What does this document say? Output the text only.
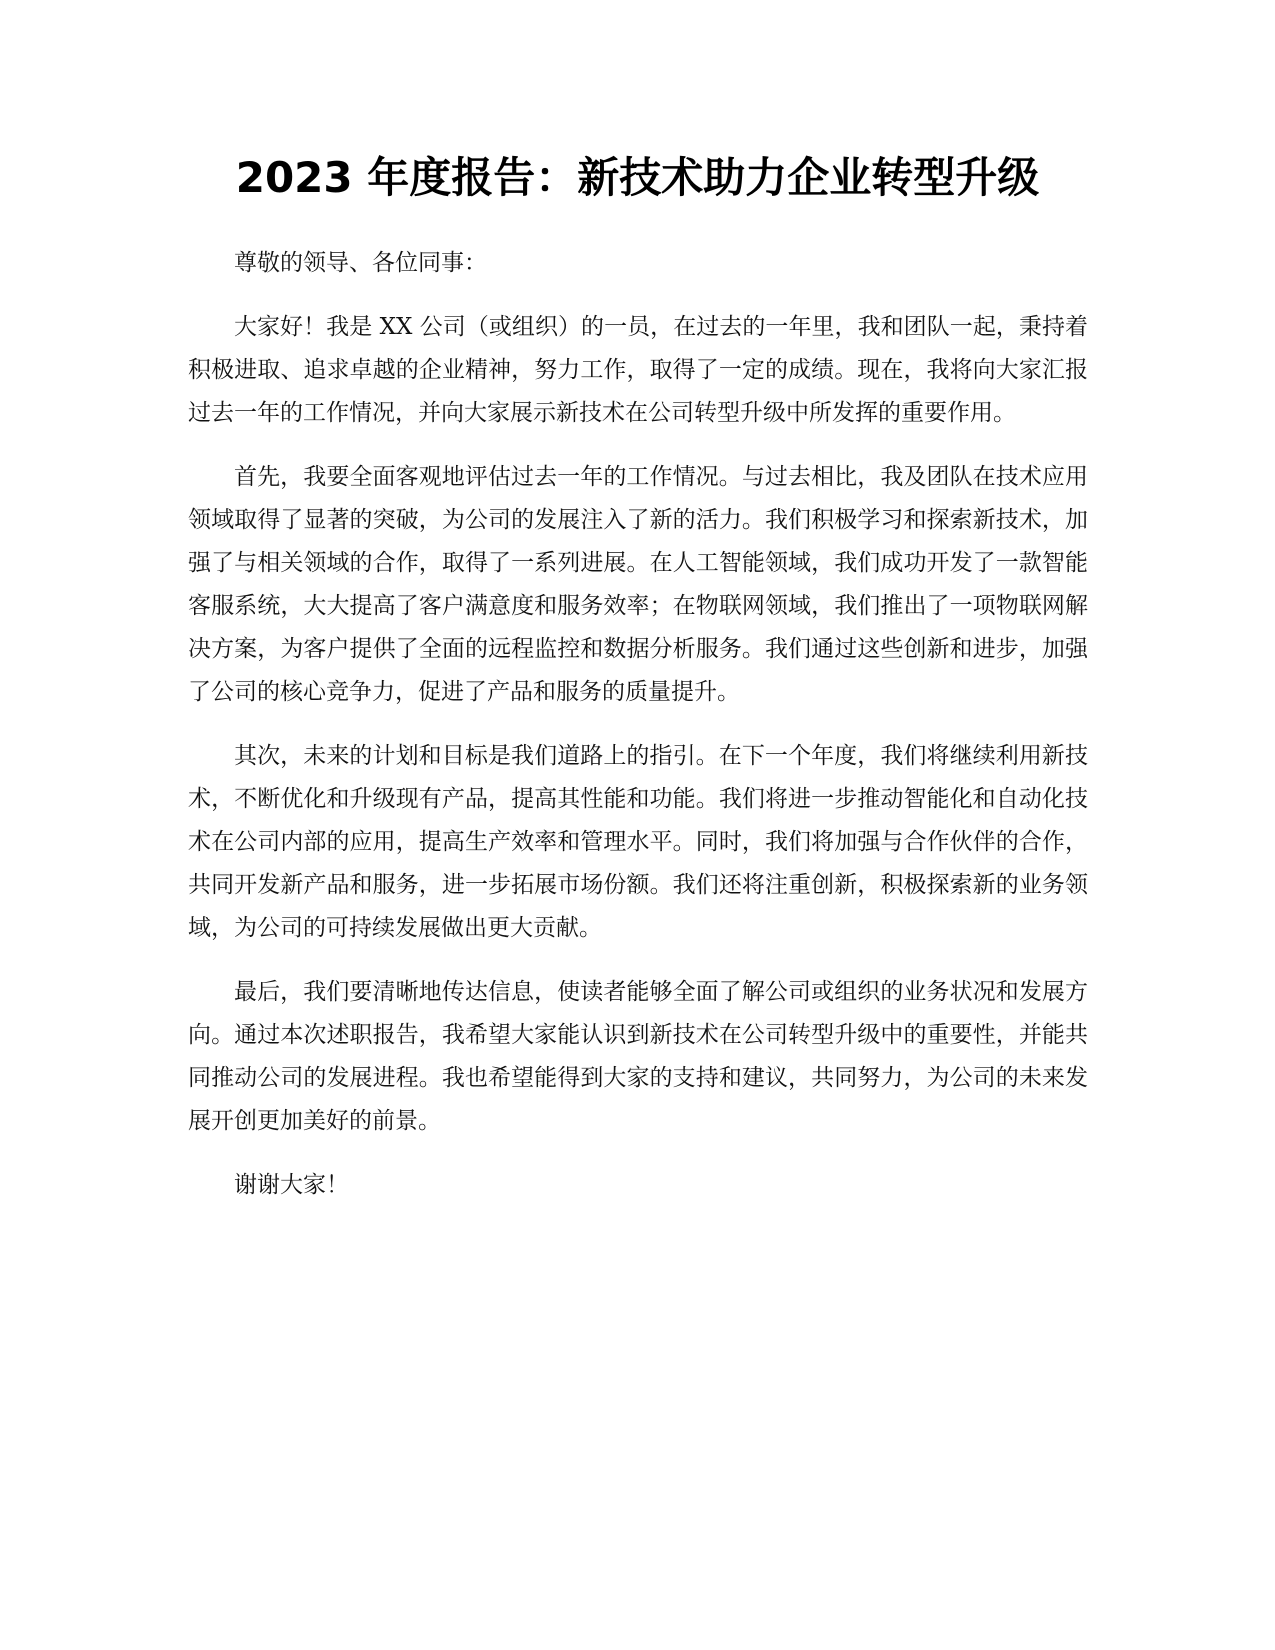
2023 年度报告：新技术助力企业转型升级

尊敬的领导、各位同事：

大家好！我是 XX 公司（或组织）的一员，在过去的一年里，我和团队一起，秉持着积极进取、追求卓越的企业精神，努力工作，取得了一定的成绩。现在，我将向大家汇报过去一年的工作情况，并向大家展示新技术在公司转型升级中所发挥的重要作用。

首先，我要全面客观地评估过去一年的工作情况。与过去相比，我及团队在技术应用领域取得了显著的突破，为公司的发展注入了新的活力。我们积极学习和探索新技术，加强了与相关领域的合作，取得了一系列进展。在人工智能领域，我们成功开发了一款智能客服系统，大大提高了客户满意度和服务效率；在物联网领域，我们推出了一项物联网解决方案，为客户提供了全面的远程监控和数据分析服务。我们通过这些创新和进步，加强了公司的核心竞争力，促进了产品和服务的质量提升。

其次，未来的计划和目标是我们道路上的指引。在下一个年度，我们将继续利用新技术，不断优化和升级现有产品，提高其性能和功能。我们将进一步推动智能化和自动化技术在公司内部的应用，提高生产效率和管理水平。同时，我们将加强与合作伙伴的合作，共同开发新产品和服务，进一步拓展市场份额。我们还将注重创新，积极探索新的业务领域，为公司的可持续发展做出更大贡献。

最后，我们要清晰地传达信息，使读者能够全面了解公司或组织的业务状况和发展方向。通过本次述职报告，我希望大家能认识到新技术在公司转型升级中的重要性，并能共同推动公司的发展进程。我也希望能得到大家的支持和建议，共同努力，为公司的未来发展开创更加美好的前景。

谢谢大家！
